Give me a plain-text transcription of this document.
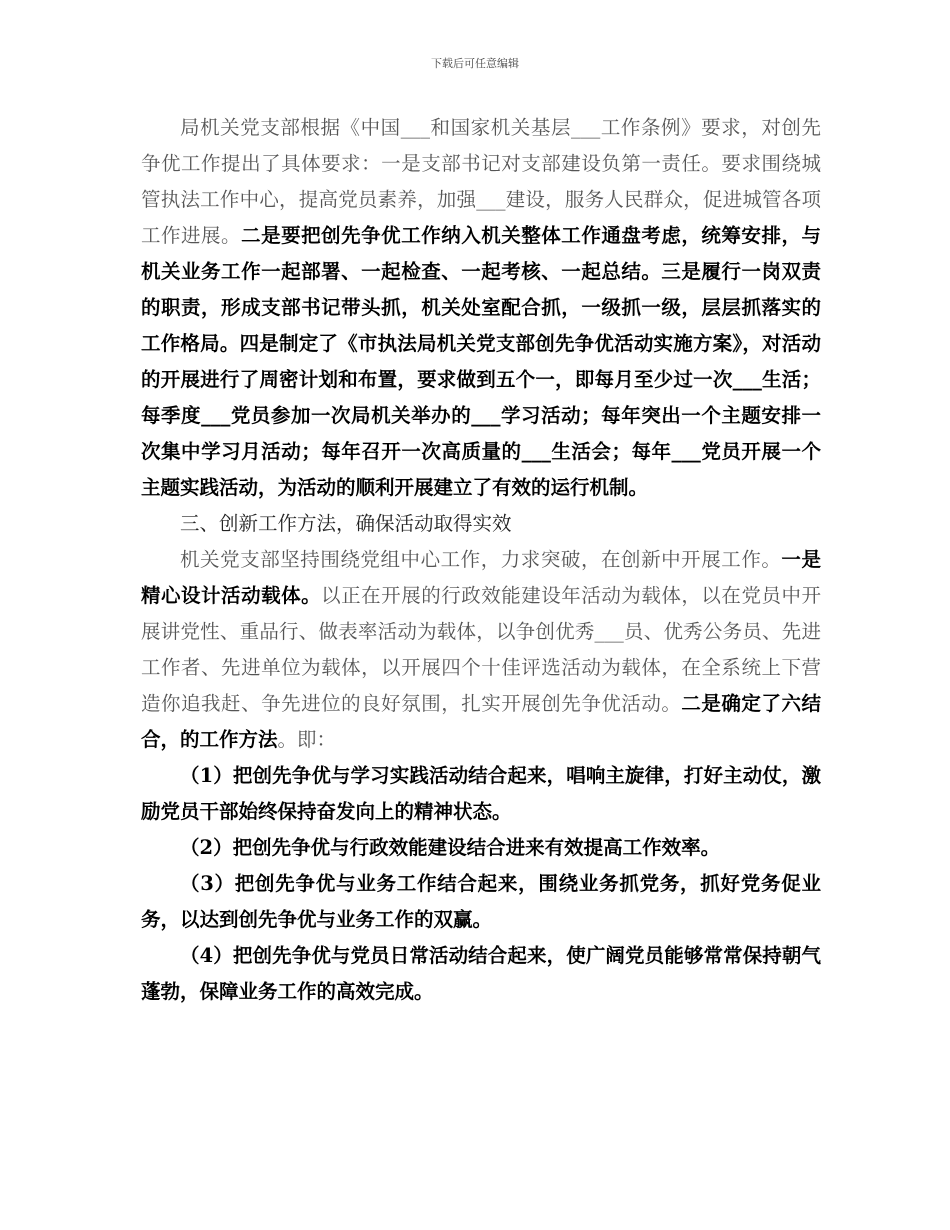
下载后可任意编辑

局机关党支部根据《中国___和国家机关基层___工作条例》要求，对创先争优工作提出了具体要求：一是支部书记对支部建设负第一责任。要求围绕城管执法工作中心，提高党员素养，加强___建设，服务人民群众，促进城管各项工作进展。二是要把创先争优工作纳入机关整体工作通盘考虑，统筹安排，与机关业务工作一起部署、一起检查、一起考核、一起总结。三是履行一岗双责的职责，形成支部书记带头抓，机关处室配合抓，一级抓一级，层层抓落实的工作格局。四是制定了《市执法局机关党支部创先争优活动实施方案》，对活动的开展进行了周密计划和布置，要求做到五个一，即每月至少过一次___生活；每季度___党员参加一次局机关举办的___学习活动；每年突出一个主题安排一次集中学习月活动；每年召开一次高质量的___生活会；每年___党员开展一个主题实践活动，为活动的顺利开展建立了有效的运行机制。

三、创新工作方法，确保活动取得实效

机关党支部坚持围绕党组中心工作，力求突破，在创新中开展工作。一是精心设计活动载体。以正在开展的行政效能建设年活动为载体，以在党员中开展讲党性、重品行、做表率活动为载体，以争创优秀___员、优秀公务员、先进工作者、先进单位为载体，以开展四个十佳评选活动为载体，在全系统上下营造你追我赶、争先进位的良好氛围，扎实开展创先争优活动。二是确定了六结合，的工作方法。即：

（1）把创先争优与学习实践活动结合起来，唱响主旋律，打好主动仗，激励党员干部始终保持奋发向上的精神状态。

（2）把创先争优与行政效能建设结合进来有效提高工作效率。

（3）把创先争优与业务工作结合起来，围绕业务抓党务，抓好党务促业务，以达到创先争优与业务工作的双赢。

（4）把创先争优与党员日常活动结合起来，使广阔党员能够常常保持朝气蓬勃，保障业务工作的高效完成。
